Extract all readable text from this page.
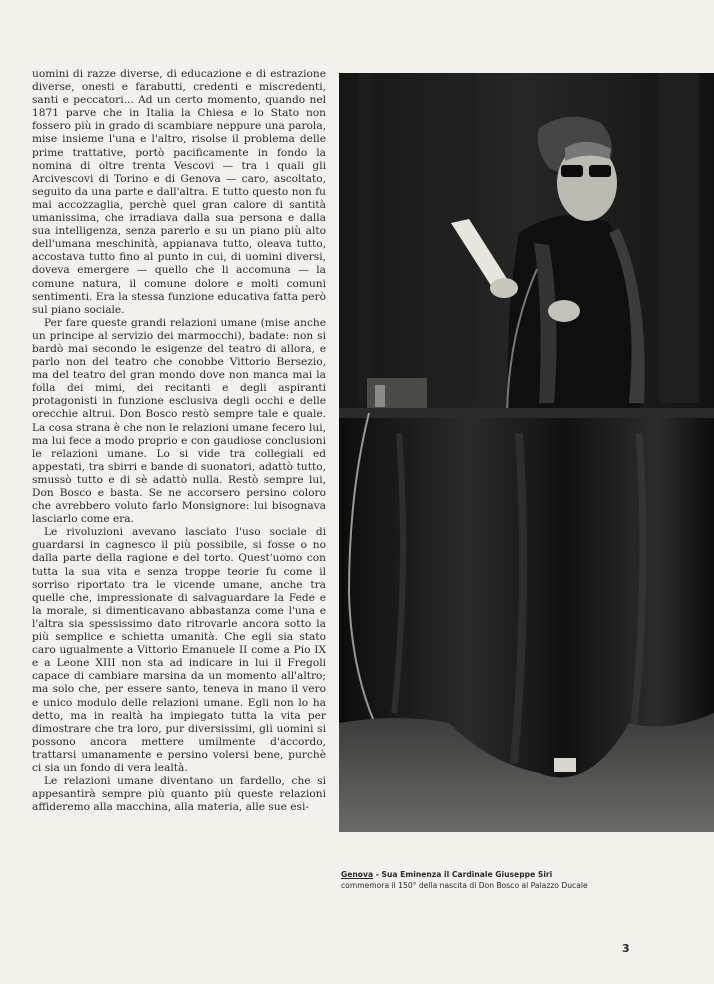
uomini di razze diverse, di educazione e di estrazione diverse, onesti e farabutti, credenti e miscredenti, santi e peccatori... Ad un certo momento, quando nel 1871 parve che in Italia la Chiesa e lo Stato non fossero più in grado di scambiare neppure una parola, mise insieme l'una e l'altro, risolse il problema delle prime trattative, portò pacificamente in fondo la nomina di oltre trenta Vescovi — tra i quali gli Arcivescovi di Torino e di Genova — caro, ascoltato, seguito da una parte e dall'altra. E tutto questo non fu mai accozzaglia, perchè quel gran calore di santità umanissima, che irradiava dalla sua persona e dalla sua intelligenza, senza parerlo e su un piano più alto dell'umana meschinità, appianava tutto, oleava tutto, accostava tutto fino al punto in cui, di uomini diversi, doveva emergere — quello che li accomuna — la comune natura, il comune dolore e molti comuni sentimenti. Era la stessa funzione educativa fatta però sul piano sociale.

Per fare queste grandi relazioni umane (mise anche un principe al servizio dei marmocchi), badate: non si bardò mai secondo le esigenze del teatro di allora, e parlo non del teatro che conobbe Vittorio Bersezio, ma del teatro del gran mondo dove non manca mai la folla dei mimi, dei recitanti e degli aspiranti protagonisti in funzione esclusiva degli occhi e delle orecchie altrui. Don Bosco restò sempre tale e quale. La cosa strana è che non le relazioni umane fecero lui, ma lui fece a modo proprio e con gaudiose conclusioni le relazioni umane. Lo si vide tra collegiali ed appestati, tra sbirri e bande di suonatori, adattò tutto, smussò tutto e di sè adattò nulla. Restò sempre lui, Don Bosco e basta. Se ne accorsero persino coloro che avrebbero voluto farlo Monsignore: lui bisognava lasciarlo come era.

Le rivoluzioni avevano lasciato l'uso sociale di guardarsi in cagnesco il più possibile, si fosse o no dalla parte della ragione e del torto. Quest'uomo con tutta la sua vita e senza troppe teorie fu come il sorriso riportato tra le vicende umane, anche tra quelle che, impressionate di salvaguardare la Fede e la morale, si dimenticavano abbastanza come l'una e l'altra sia spessissimo dato ritrovarle ancora sotto la più semplice e schietta umanità. Che egli sia stato caro ugualmente a Vittorio Emanuele II come a Pio IX e a Leone XIII non sta ad indicare in lui il Fregoli capace di cambiare marsina da un momento all'altro; ma solo che, per essere santo, teneva in mano il vero e unico modulo delle relazioni umane. Egli non lo ha detto, ma in realtà ha impiegato tutta la vita per dimostrare che tra loro, pur diversissimi, gli uomini si possono ancora mettere umilmente d'accordo, trattarsi umanamente e persino volersi bene, purchè ci sia un fondo di vera lealtà.

Le relazioni umane diventano un fardello, che si appesantirà sempre più quanto più queste relazioni affideremo alla macchina, alla materia, alle sue esi-

Genova - Sua Eminenza il Cardinale Giuseppe Siri
commemora il 150° della nascita di Don Bosco al Palazzo Ducale
3
